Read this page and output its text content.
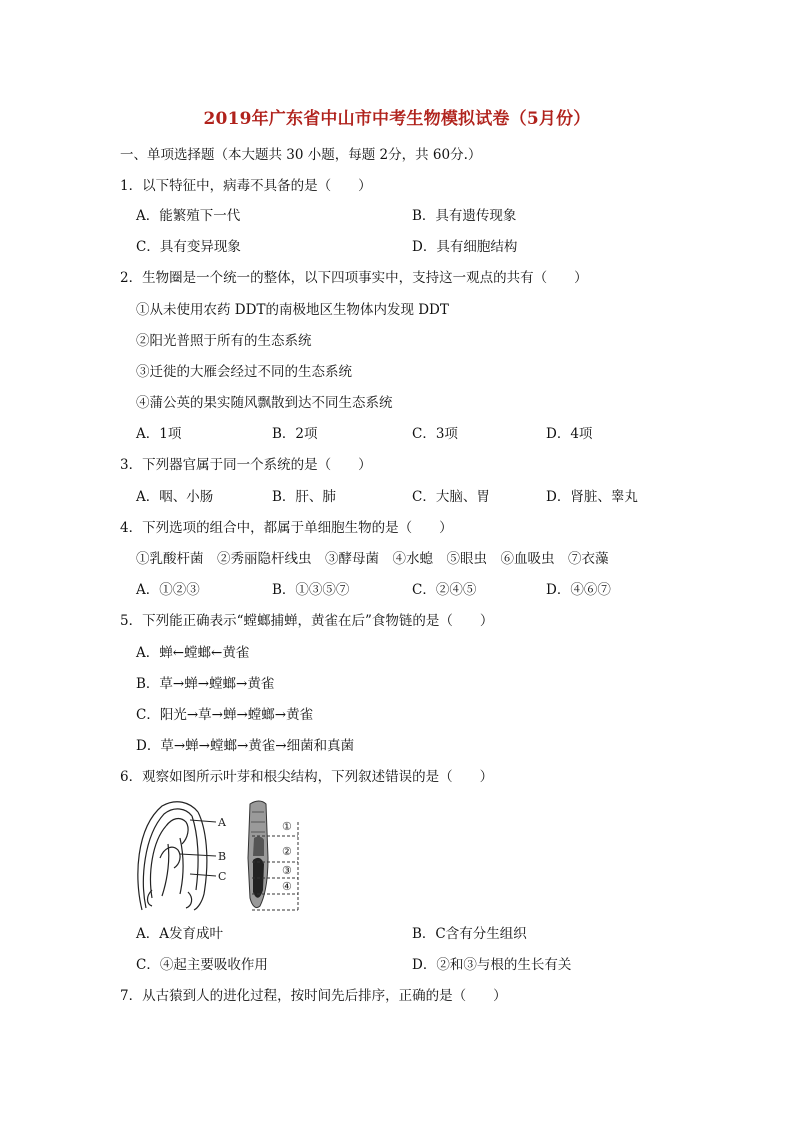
2019年广东省中山市中考生物模拟试卷（5月份）
一、单项选择题（本大题共 30 小题，每题 2分，共 60分.）
1．以下特征中，病毒不具备的是（　　）
A．能繁殖下一代	B．具有遗传现象
C．具有变异现象	D．具有细胞结构
2．生物圈是一个统一的整体，以下四项事实中，支持这一观点的共有（　　）
①从未使用农药 DDT的南极地区生物体内发现 DDT
②阳光普照于所有的生态系统
③迁徙的大雁会经过不同的生态系统
④蒲公英的果实随风飘散到达不同生态系统
A．1项	B．2项	C．3项	D．4项
3．下列器官属于同一个系统的是（　　）
A．咽、小肠	B．肝、肺	C．大脑、胃	D．肾脏、睾丸
4．下列选项的组合中，都属于单细胞生物的是（　　）
①乳酸杆菌　②秀丽隐杆线虫　③酵母菌　④水螅　⑤眼虫　⑥血吸虫　⑦衣藻
A．①②③	B．①③⑤⑦	C．②④⑤	D．④⑥⑦
5．下列能正确表示“螳螂捕蝉，黄雀在后”食物链的是（　　）
A．蝉←螳螂←黄雀
B．草→蝉→螳螂→黄雀
C．阳光→草→蝉→螳螂→黄雀
D．草→蝉→螳螂→黄雀→细菌和真菌
6．观察如图所示叶芽和根尖结构，下列叙述错误的是（　　）
A
B
C
①
②
③
④
A．A发育成叶	B．C含有分生组织
C．④起主要吸收作用	D．②和③与根的生长有关
7．从古猿到人的进化过程，按时间先后排序，正确的是（　　）
